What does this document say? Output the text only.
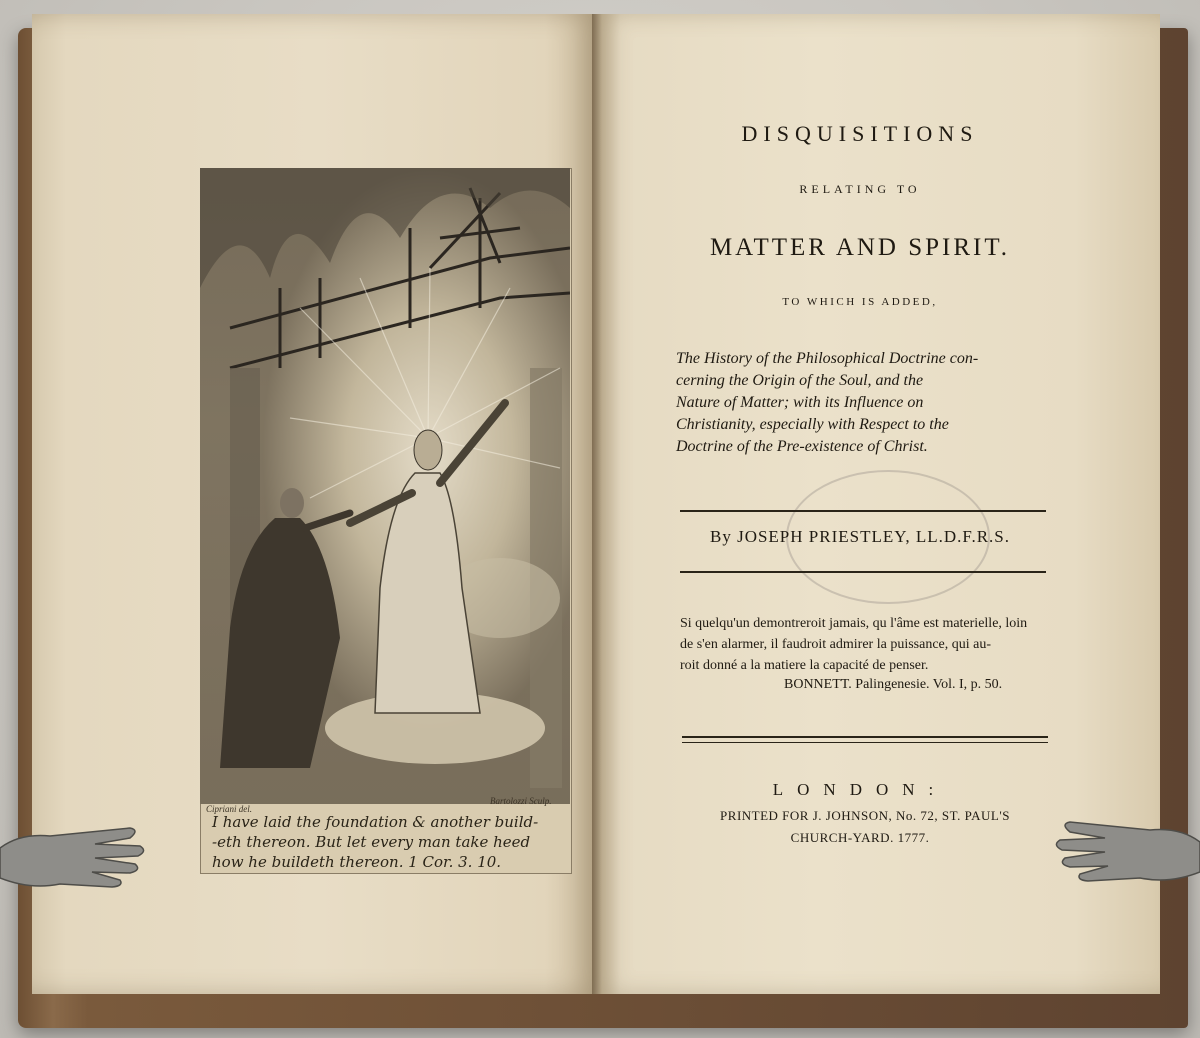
Cipriani del.
Bartolozzi Sculp.
I have laid the foundation & another build-
-eth thereon. But let every man take heed
how he buildeth thereon. 1 Cor. 3. 10.
DISQUISITIONS
RELATING TO
MATTER AND SPIRIT.
TO WHICH IS ADDED,
The History of the Philosophical Doctrine con-
cerning the Origin of the Soul, and the
Nature of Matter; with its Influence on
Christianity, especially with Respect to the
Doctrine of the Pre-existence of Christ.
By JOSEPH PRIESTLEY, LL.D.F.R.S.
Si quelqu'un demontreroit jamais, qu l'âme est materielle, loin
de s'en alarmer, il faudroit admirer la puissance, qui au-
roit donné a la matiere la capacité de penser.
BONNETT. Palingenesie. Vol. I, p. 50.
LONDON:
PRINTED FOR J. JOHNSON, No. 72, ST. PAUL'S
CHURCH-YARD. 1777.
